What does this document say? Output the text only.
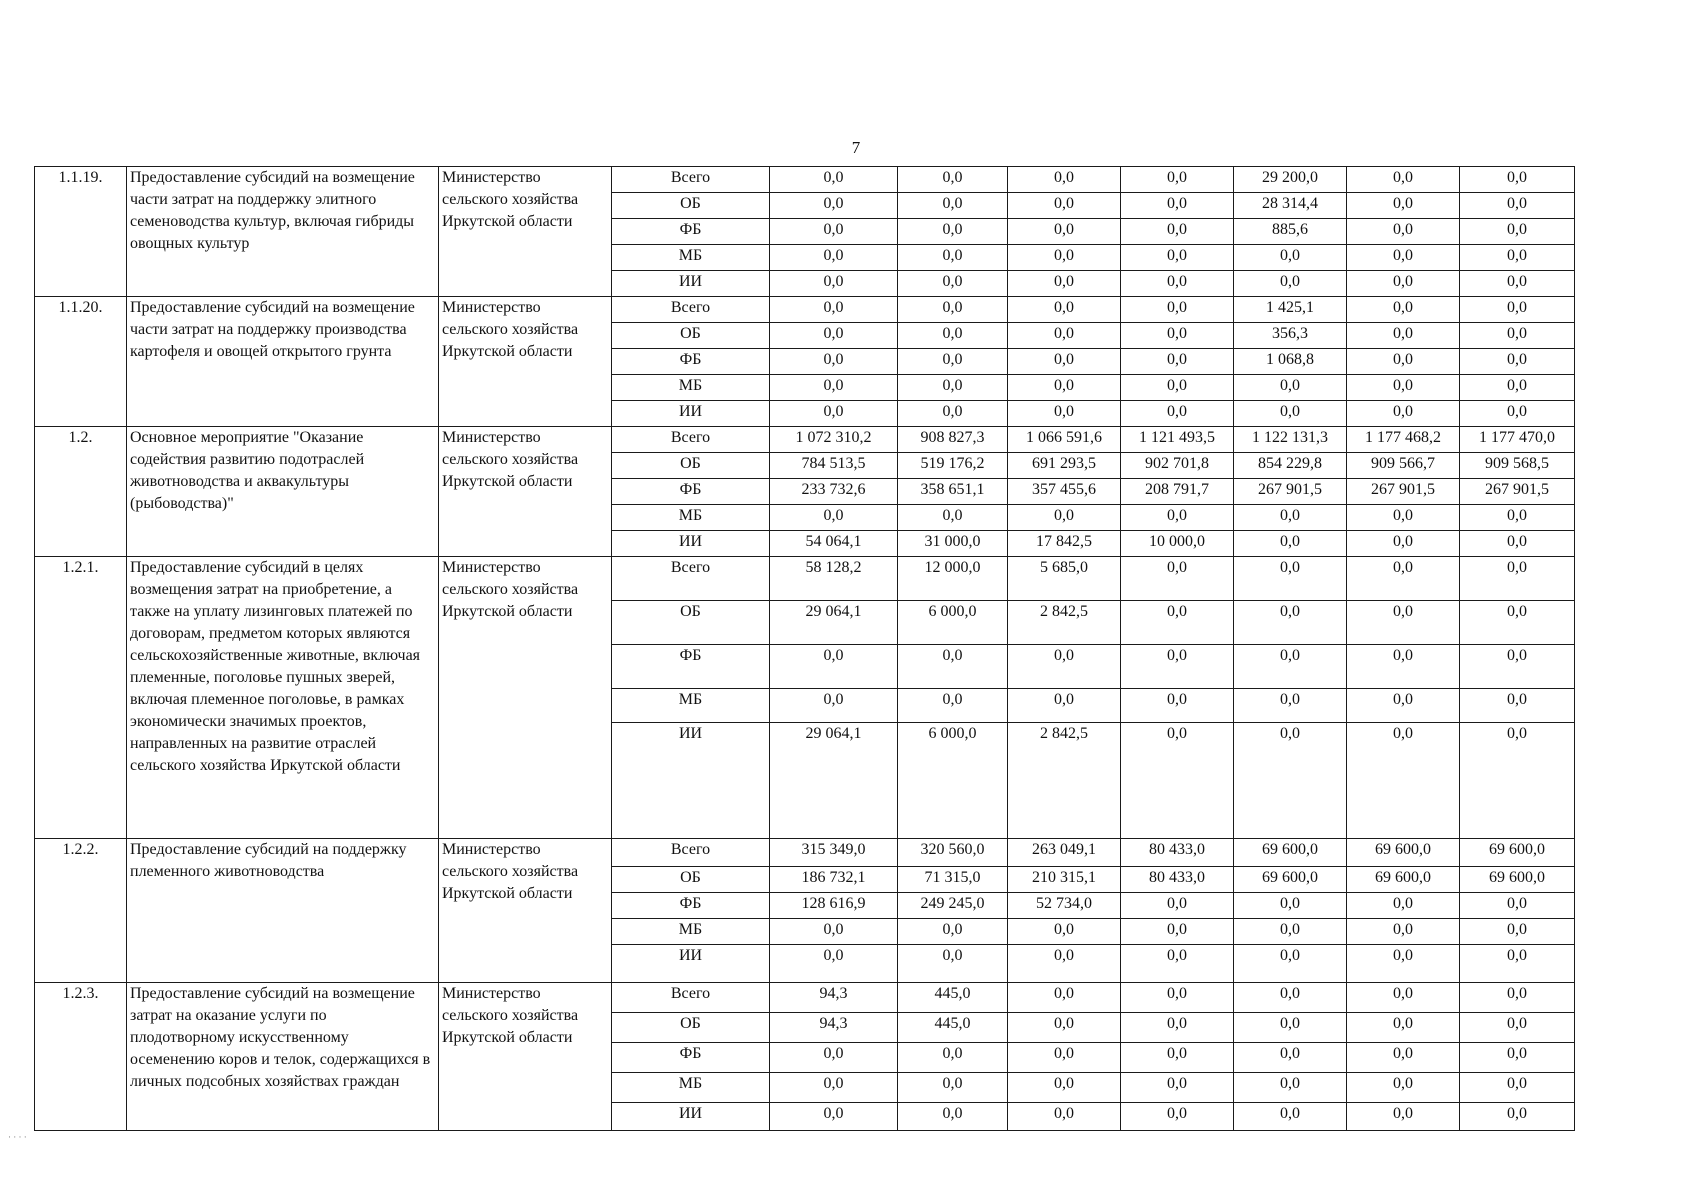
7
1.1.19.	Предоставление субсидий на возмещение части затрат на поддержку элитного семеноводства культур, включая гибриды овощных культур	Министерство сельского хозяйства Иркутской области	Всего	0,0	0,0	0,0	0,0	29 200,0	0,0	0,0
			ОБ	0,0	0,0	0,0	0,0	28 314,4	0,0	0,0
			ФБ	0,0	0,0	0,0	0,0	885,6	0,0	0,0
			МБ	0,0	0,0	0,0	0,0	0,0	0,0	0,0
			ИИ	0,0	0,0	0,0	0,0	0,0	0,0	0,0
1.1.20.	Предоставление субсидий на возмещение части затрат на поддержку производства картофеля и овощей открытого грунта	Министерство сельского хозяйства Иркутской области	Всего	0,0	0,0	0,0	0,0	1 425,1	0,0	0,0
			ОБ	0,0	0,0	0,0	0,0	356,3	0,0	0,0
			ФБ	0,0	0,0	0,0	0,0	1 068,8	0,0	0,0
			МБ	0,0	0,0	0,0	0,0	0,0	0,0	0,0
			ИИ	0,0	0,0	0,0	0,0	0,0	0,0	0,0
1.2.	Основное мероприятие "Оказание содействия развитию подотраслей животноводства и аквакультуры (рыбоводства)"	Министерство сельского хозяйства Иркутской области	Всего	1 072 310,2	908 827,3	1 066 591,6	1 121 493,5	1 122 131,3	1 177 468,2	1 177 470,0
			ОБ	784 513,5	519 176,2	691 293,5	902 701,8	854 229,8	909 566,7	909 568,5
			ФБ	233 732,6	358 651,1	357 455,6	208 791,7	267 901,5	267 901,5	267 901,5
			МБ	0,0	0,0	0,0	0,0	0,0	0,0	0,0
			ИИ	54 064,1	31 000,0	17 842,5	10 000,0	0,0	0,0	0,0
1.2.1.	Предоставление субсидий в целях возмещения затрат на приобретение, а также на уплату лизинговых платежей по договорам, предметом которых являются сельскохозяйственные животные, включая племенные, поголовье пушных зверей, включая племенное поголовье, в рамках экономически значимых проектов, направленных на развитие отраслей сельского хозяйства Иркутской области	Министерство сельского хозяйства Иркутской области	Всего	58 128,2	12 000,0	5 685,0	0,0	0,0	0,0	0,0
			ОБ	29 064,1	6 000,0	2 842,5	0,0	0,0	0,0	0,0
			ФБ	0,0	0,0	0,0	0,0	0,0	0,0	0,0
			МБ	0,0	0,0	0,0	0,0	0,0	0,0	0,0
			ИИ	29 064,1	6 000,0	2 842,5	0,0	0,0	0,0	0,0
1.2.2.	Предоставление субсидий на поддержку племенного животноводства	Министерство сельского хозяйства Иркутской области	Всего	315 349,0	320 560,0	263 049,1	80 433,0	69 600,0	69 600,0	69 600,0
			ОБ	186 732,1	71 315,0	210 315,1	80 433,0	69 600,0	69 600,0	69 600,0
			ФБ	128 616,9	249 245,0	52 734,0	0,0	0,0	0,0	0,0
			МБ	0,0	0,0	0,0	0,0	0,0	0,0	0,0
			ИИ	0,0	0,0	0,0	0,0	0,0	0,0	0,0
1.2.3.	Предоставление субсидий на возмещение затрат на оказание услуги по плодотворному искусственному осеменению коров и телок, содержащихся в личных подсобных хозяйствах граждан	Министерство сельского хозяйства Иркутской области	Всего	94,3	445,0	0,0	0,0	0,0	0,0	0,0
			ОБ	94,3	445,0	0,0	0,0	0,0	0,0	0,0
			ФБ	0,0	0,0	0,0	0,0	0,0	0,0	0,0
			МБ	0,0	0,0	0,0	0,0	0,0	0,0	0,0
			ИИ	0,0	0,0	0,0	0,0	0,0	0,0	0,0
· · · ·
